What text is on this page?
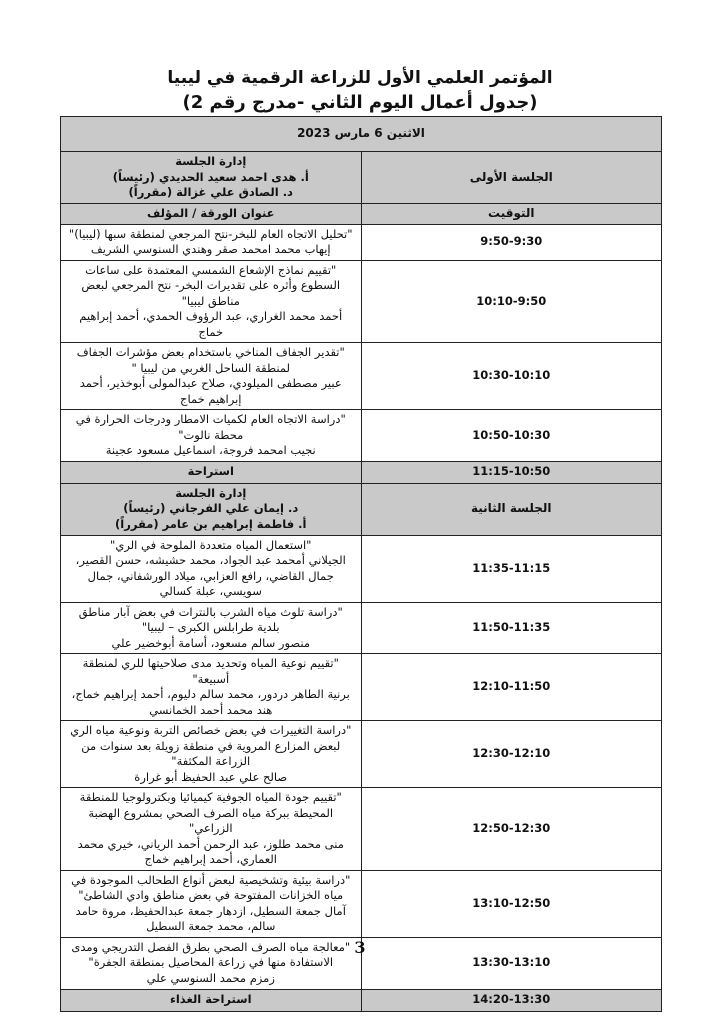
المؤتمر العلمي الأول للزراعة الرقمية في ليبيا
(جدول أعمال اليوم الثاني -مدرج رقم 2)
الاثنين 6 مارس 2023	
الجلسة الأولى	إدارة الجلسة
أ. هدى احمد سعيد الحديدي (رئيساً)
د. الصادق علي غزالة (مقرراً)

التوقيت	عنوان الورقة / المؤلف
9:50-9:30	"تحليل الاتجاه العام للبخر-نتح المرجعي لمنطقة سبها (ليبيا)"
إيهاب محمد امحمد صقر وهندي السنوسي الشريف

10:10-9:50	"تقييم نماذج الإشعاع الشمسي المعتمدة على ساعات السطوع وأثره على تقديرات البخر- نتح المرجعي لبعض مناطق ليبيا"
أحمد محمد الغراري، عبد الرؤوف الحمدي، أحمد إبراهيم خماج

10:30-10:10	"تقدير الجفاف المناخي باستخدام بعض مؤشرات الجفاف لمنطقة الساحل الغربي من ليبيا "
عبير مصطفى الميلودي، صلاح عبدالمولى أبوخذير، أحمد إبراهيم خماج

10:50-10:30	"دراسة الاتجاه العام لكميات الامطار ودرجات الحرارة في محطة نالوت"
نجيب امحمد فروجة، اسماعيل مسعود عجينة

11:15-10:50	استراحة
الجلسة الثانية	إدارة الجلسة
د. إيمان علي الفرجاني (رئيساً)
أ. فاطمة إبراهيم بن عامر (مقرراً)

11:35-11:15	"استعمال المياه متعددة الملوحة في الري"
الجيلاني أمحمد عبد الجواد، محمد حشيشه، حسن القصير، جمال القاضي، رافع العزابي، ميلاد الورشفاني، جمال سويسي، عبلة كسالي

11:50-11:35	"دراسة تلوث مياه الشرب بالنترات في بعض آبار مناطق بلدية طرابلس الكبرى – ليبيا"
منصور سالم مسعود، أسامة أبوخضير علي

12:10-11:50	"تقييم نوعية المياه وتحديد مدى صلاحيتها للري لمنطقة أسبيعة"
برنية الطاهر دردور، محمد سالم دليوم، أحمد إبراهيم خماج، هند محمد أحمد الخمانسي

12:30-12:10	"دراسة التغييرات في بعض خصائص التربة ونوعية مياه الري لبعض المزارع المروية في منطقة زويلة بعد سنوات من الزراعة المكثفة"
صالح علي عبد الحفيظ أبو غرارة

12:50-12:30	"تقييم جودة المياه الجوفية كيميائيا وبكترولوجيا للمنطقة المحيطة ببركة مياه الصرف الصحي بمشروع الهضبة الزراعي"
منى محمد طلوز، عبد الرحمن أحمد الرياني، خيري محمد العماري، أحمد إبراهيم خماج

13:10-12:50	"دراسة بيئية وتشخيصية لبعض أنواع الطحالب الموجودة في مياه الخزانات المفتوحة في بعض مناطق وادي الشاطئ"
آمال جمعة السطيل، ازدهار جمعة عبدالحفيظ، مروة حامد سالم، محمد جمعة السطيل

13:30-13:10	"معالجة مياه الصرف الصحي بطرق الفصل التدريجي ومدى الاستفادة منها في زراعة المحاصيل بمنطقة الجفرة"
زمزم محمد السنوسي علي

14:20-13:30	استراحة الغذاء
3
